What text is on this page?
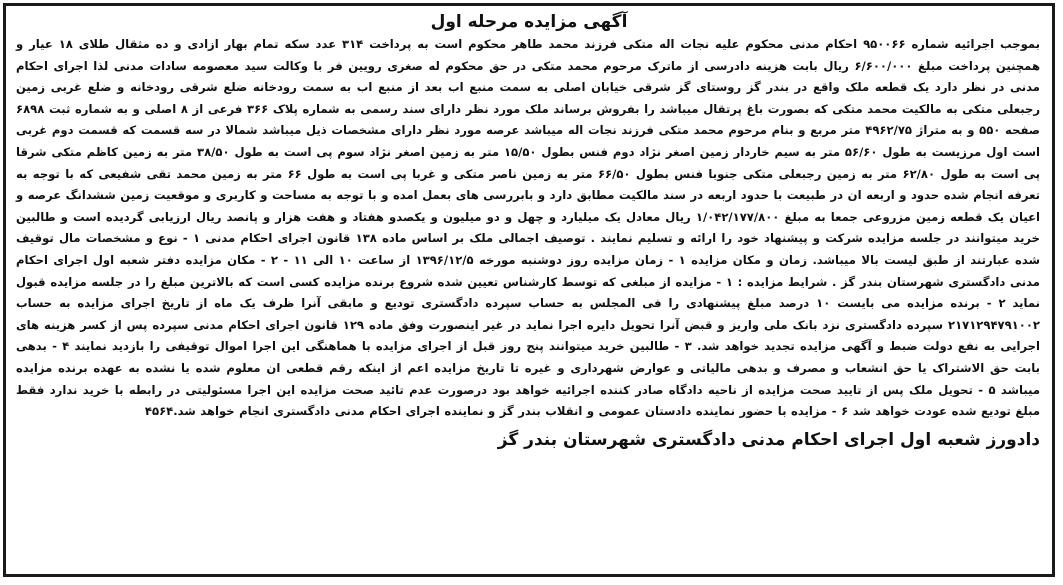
آگهی مزایده مرحله اول
بموجب اجرائیه شماره ۹۵۰۰۶۶ احکام مدنی محکوم علیه نجات اله متکی فرزند محمد طاهر محکوم است به پرداخت ۳۱۴ عدد سکه تمام بهار ازادی و ده مثقال طلای ۱۸ عیار و همچنین پرداخت مبلغ ۶/۶۰۰/۰۰۰ ریال بابت هزینه دادرسی از ماترک مرحوم محمد متکی در حق محکوم له صغری رویین فر با وکالت سید معصومه سادات مدنی لذا اجرای احکام مدنی در نظر دارد یک قطعه ملک واقع در بندر گز روستای گز شرقی خیابان اصلی به سمت منبع اب بعد از منبع اب به سمت رودخانه ضلع شرقی رودخانه و ضلع غربی زمین رجبعلی متکی به مالکیت محمد متکی که بصورت باغ پرتقال میباشد را بفروش برساند ملک مورد نظر دارای سند رسمی به شماره پلاک ۳۶۶ فرعی از ۸ اصلی و به شماره ثبت ۶۸۹۸ صفحه ۵۵۰ و به متراژ ۴۹۶۲/۷۵ متر مربع و بنام مرحوم محمد متکی فرزند نجات اله میباشد عرصه مورد نظر دارای مشخصات ذیل میباشد شمالا در سه قسمت که قسمت دوم غربی است اول مرزیست به طول ۵۶/۶۰ متر به سیم خاردار زمین اصغر نژاد دوم فنس بطول ۱۵/۵۰ متر به زمین اصغر نژاد سوم پی است به طول ۳۸/۵۰ متر به زمین کاظم متکی شرقا پی است به طول ۶۲/۸۰ متر به زمین رجبعلی متکی جنوبا فنس بطول ۶۶/۵۰ متر به زمین ناصر متکی و غربا پی است به طول ۶۶ متر به زمین محمد تقی شفیعی که با توجه به تعرفه انجام شده حدود و اربعه ان در طبیعت با حدود اربعه در سند مالکیت مطابق دارد و بابررسی های بعمل امده و با توجه به مساحت و کاربری و موقعیت زمین ششدانگ عرصه و اعیان یک قطعه زمین مزروعی جمعا به مبلغ ۱/۰۴۲/۱۷۷/۸۰۰ ریال معادل یک میلیارد و چهل و دو میلیون و یکصدو هفتاد و هفت هزار و پانصد ریال ارزیابی گردیده است و طالبین خرید میتوانند در جلسه مزایده شرکت و پیشنهاد خود را ارائه و تسلیم نمایند . توصیف اجمالی ملک بر اساس ماده ۱۳۸ قانون اجرای احکام مدنی ۱ - نوع و مشخصات مال توقیف شده عبارتند از طبق لیست بالا میباشد. زمان و مکان مزایده ۱ - زمان مزایده روز دوشنبه مورخه ۱۳۹۶/۱۲/۵ از ساعت ۱۰ الی ۱۱ - ۲ - مکان مزایده دفتر شعبه اول اجرای احکام مدنی دادگستری شهرستان بندر گز . شرایط مزایده : ۱ - مزایده از مبلغی که توسط کارشناس تعیین شده شروع برنده مزایده کسی است که بالاترین مبلغ را در جلسه مزایده قبول نماید ۲ - برنده مزایده می بایست ۱۰ درصد مبلغ پیشنهادی را فی المجلس به حساب سپرده دادگستری تودیع و مابقی آنرا ظرف یک ماه از تاریخ اجرای مزایده به حساب ۲۱۷۱۲۹۴۷۹۱۰۰۲ سپرده دادگستری نزد بانک ملی واریز و قبض آنرا تحویل دایره اجرا نماید در غیر اینصورت وفق ماده ۱۲۹ قانون اجرای احکام مدنی سپرده پس از کسر هزینه های اجرایی به نفع دولت ضبط و آگهی مزایده تجدید خواهد شد. ۳ - طالبین خرید میتوانند پنج روز قبل از اجرای مزایده با هماهنگی این اجرا اموال توقیفی را بازدید نمایند ۴ - بدهی بابت حق الاشتراک یا حق انشعاب و مصرف و بدهی مالیاتی و عوارض شهرداری و غیره تا تاریخ مزایده اعم از اینکه رقم قطعی ان معلوم شده یا نشده به عهده برنده مزایده میباشد ۵ - تحویل ملک پس از تایید صحت مزایده از ناحیه دادگاه صادر کننده اجرائیه خواهد بود درصورت عدم تائید صحت مزایده این اجرا مسئولیتی در رابطه با خرید ندارد فقط مبلغ تودیع شده عودت خواهد شد ۶ - مزایده با حضور نماینده دادستان عمومی و انقلاب بندر گز و نماینده اجرای احکام مدنی دادگستری انجام خواهد شد.۴۵۶۴
دادورز شعبه اول اجرای احکام مدنی دادگستری شهرستان بندر گز
